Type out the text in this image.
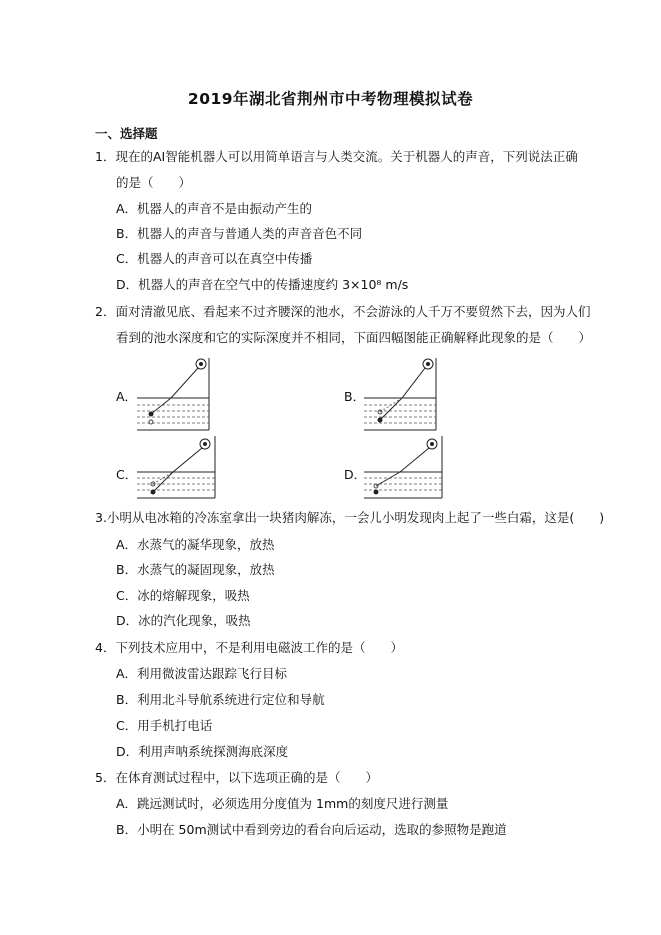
2019年湖北省荆州市中考物理模拟试卷
一、选择题
1．现在的AI智能机器人可以用简单语言与人类交流。关于机器人的声音，下列说法正确
的是（　　）
A．机器人的声音不是由振动产生的
B．机器人的声音与普通人类的声音音色不同
C．机器人的声音可以在真空中传播
D．机器人的声音在空气中的传播速度约 3×10⁸ m/s
2．面对清澈见底、看起来不过齐腰深的池水，不会游泳的人千万不要贸然下去，因为人们
看到的池水深度和它的实际深度并不相同，下面四幅图能正确解释此现象的是（　　）
A．	B．
C．	D．
3.小明从电冰箱的冷冻室拿出一块猪肉解冻，一会儿小明发现肉上起了一些白霜，这是(　　)
A．水蒸气的凝华现象，放热
B．水蒸气的凝固现象，放热
C．冰的熔解现象，吸热
D．冰的汽化现象，吸热
4．下列技术应用中，不是利用电磁波工作的是（　　）
A．利用微波雷达跟踪飞行目标
B．利用北斗导航系统进行定位和导航
C．用手机打电话
D．利用声呐系统探测海底深度
5．在体育测试过程中，以下选项正确的是（　　）
A．跳远测试时，必须选用分度值为 1mm的刻度尺进行测量
B．小明在 50m测试中看到旁边的看台向后运动，选取的参照物是跑道
